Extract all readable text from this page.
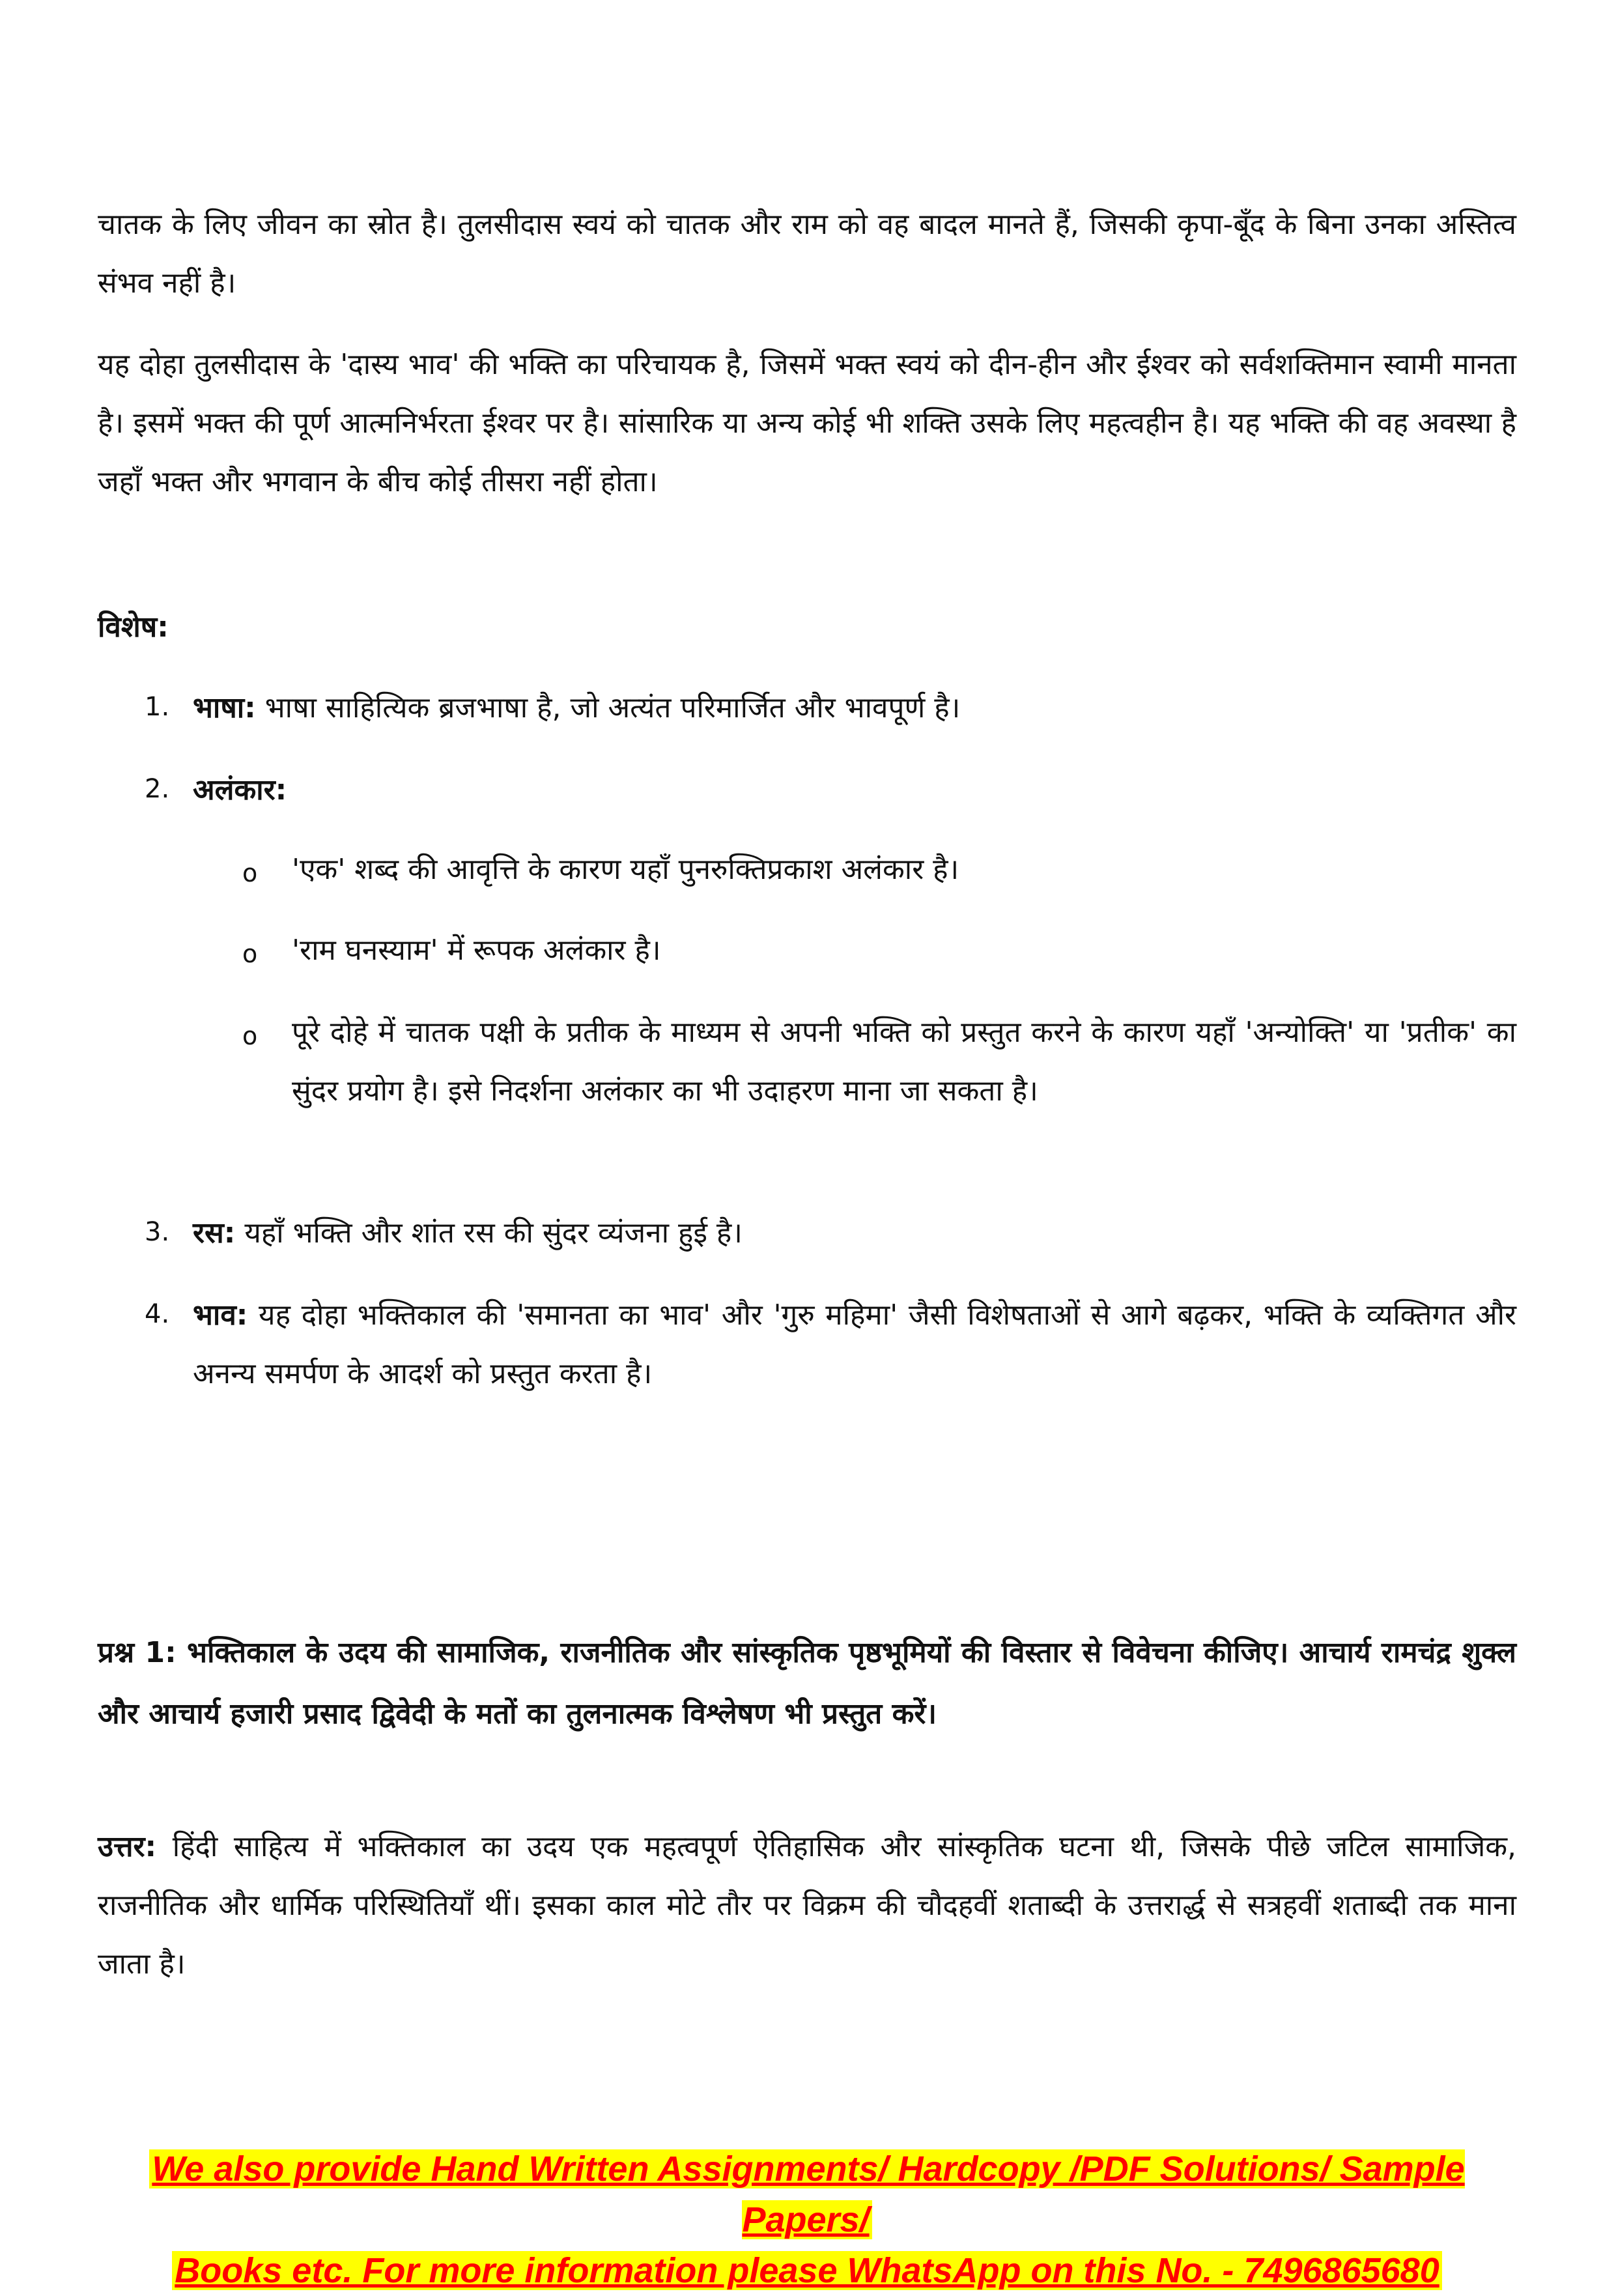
चातक के लिए जीवन का स्रोत है। तुलसीदास स्वयं को चातक और राम को वह बादल मानते हैं, जिसकी कृपा-बूँद के बिना उनका अस्तित्व संभव नहीं है।

यह दोहा तुलसीदास के 'दास्य भाव' की भक्ति का परिचायक है, जिसमें भक्त स्वयं को दीन-हीन और ईश्वर को सर्वशक्तिमान स्वामी मानता है। इसमें भक्त की पूर्ण आत्मनिर्भरता ईश्वर पर है। सांसारिक या अन्य कोई भी शक्ति उसके लिए महत्वहीन है। यह भक्ति की वह अवस्था है जहाँ भक्त और भगवान के बीच कोई तीसरा नहीं होता।

विशेष:

1. भाषा: भाषा साहित्यिक ब्रजभाषा है, जो अत्यंत परिमार्जित और भावपूर्ण है।

2. अलंकार:

o 'एक' शब्द की आवृत्ति के कारण यहाँ पुनरुक्तिप्रकाश अलंकार है।

o 'राम घनस्याम' में रूपक अलंकार है।

o पूरे दोहे में चातक पक्षी के प्रतीक के माध्यम से अपनी भक्ति को प्रस्तुत करने के कारण यहाँ 'अन्योक्ति' या 'प्रतीक' का सुंदर प्रयोग है। इसे निदर्शना अलंकार का भी उदाहरण माना जा सकता है।

3. रस: यहाँ भक्ति और शांत रस की सुंदर व्यंजना हुई है।

4. भाव: यह दोहा भक्तिकाल की 'समानता का भाव' और 'गुरु महिमा' जैसी विशेषताओं से आगे बढ़कर, भक्ति के व्यक्तिगत और अनन्य समर्पण के आदर्श को प्रस्तुत करता है।

प्रश्न 1: भक्तिकाल के उदय की सामाजिक, राजनीतिक और सांस्कृतिक पृष्ठभूमियों की विस्तार से विवेचना कीजिए। आचार्य रामचंद्र शुक्ल और आचार्य हजारी प्रसाद द्विवेदी के मतों का तुलनात्मक विश्लेषण भी प्रस्तुत करें।

उत्तर: हिंदी साहित्य में भक्तिकाल का उदय एक महत्वपूर्ण ऐतिहासिक और सांस्कृतिक घटना थी, जिसके पीछे जटिल सामाजिक, राजनीतिक और धार्मिक परिस्थितियाँ थीं। इसका काल मोटे तौर पर विक्रम की चौदहवीं शताब्दी के उत्तरार्द्ध से सत्रहवीं शताब्दी तक माना जाता है।

We also provide Hand Written Assignments/ Hardcopy /PDF Solutions/ Sample Papers/
Books etc. For more information please WhatsApp on this No. - 7496865680
